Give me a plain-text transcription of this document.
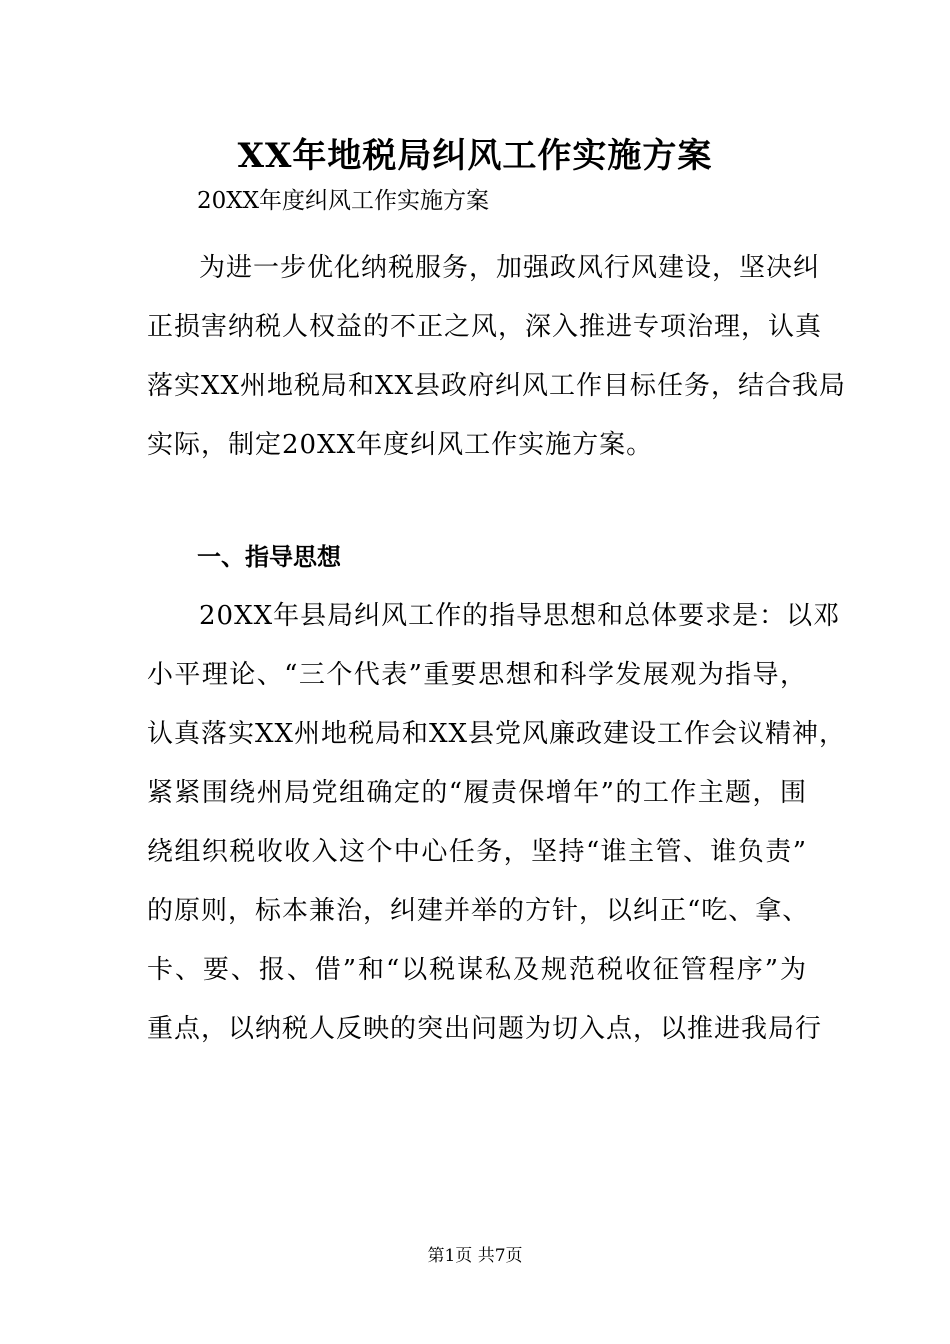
XX年地税局纠风工作实施方案
20XX年度纠风工作实施方案
为进一步优化纳税服务，加强政风行风建设，坚决纠
正损害纳税人权益的不正之风，深入推进专项治理，认真
落实XX州地税局和XX县政府纠风工作目标任务，结合我局
实际，制定20XX年度纠风工作实施方案。
一、指导思想
20XX年县局纠风工作的指导思想和总体要求是：以邓
小平理论、“三个代表”重要思想和科学发展观为指导，
认真落实XX州地税局和XX县党风廉政建设工作会议精神，
紧紧围绕州局党组确定的“履责保增年”的工作主题，围
绕组织税收收入这个中心任务，坚持“谁主管、谁负责”
的原则，标本兼治，纠建并举的方针，以纠正“吃、拿、
卡、要、报、借”和“以税谋私及规范税收征管程序”为
重点，以纳税人反映的突出问题为切入点，以推进我局行
第1页 共7页
